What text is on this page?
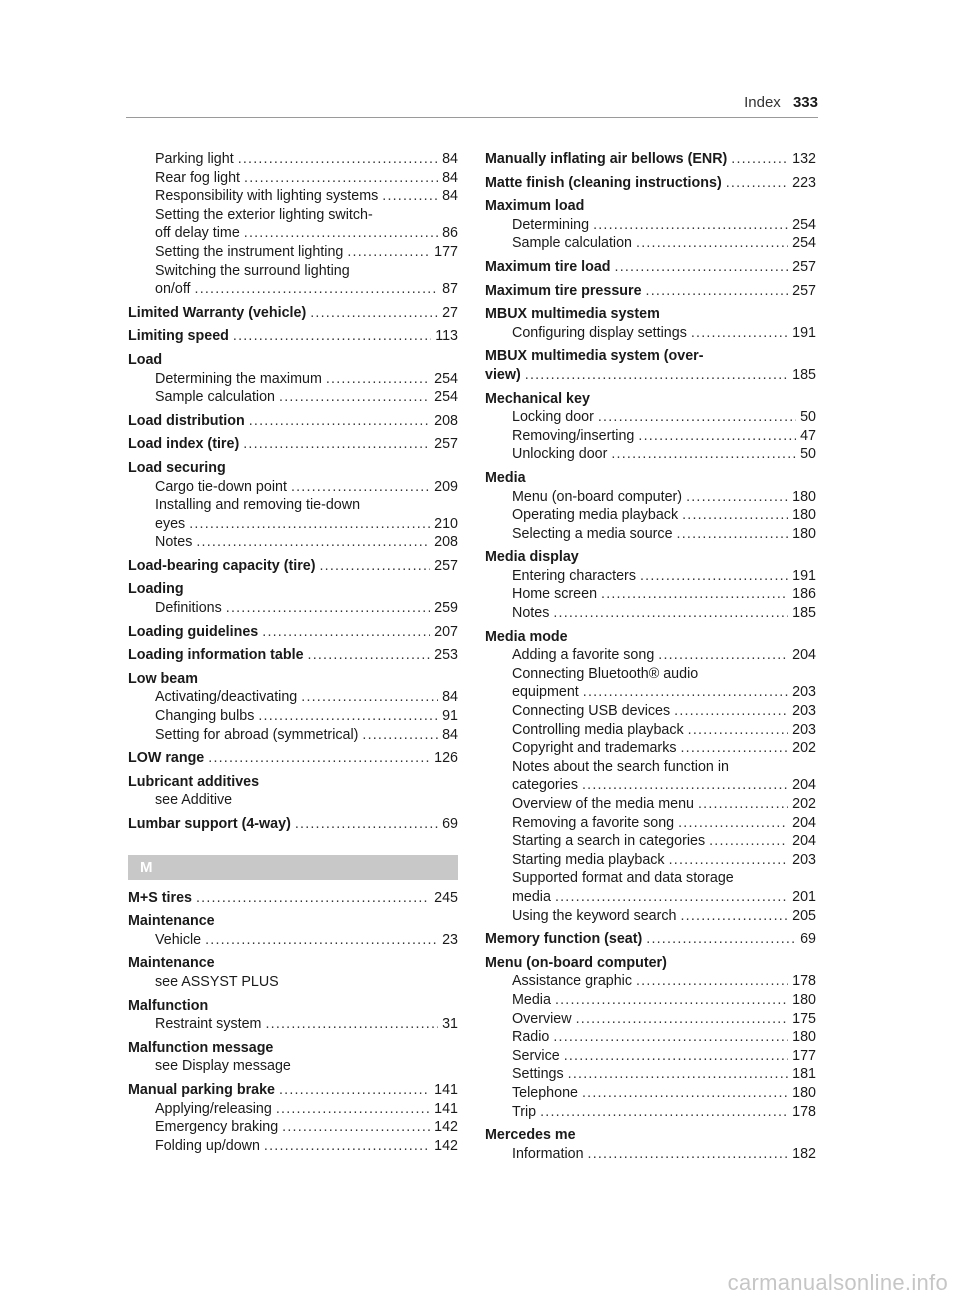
Index 333
Parking light .....	84
Rear fog light .....	84
Responsibility with lighting systems .....	84
Setting the exterior lighting switch-
off delay time .....	86
Setting the instrument lighting .....	177
Switching the surround lighting
on/off .....	87
Limited Warranty (vehicle) .....	27
Limiting speed .....	113
Load
Determining the maximum .....	254
Sample calculation .....	254
Load distribution .....	208
Load index (tire) .....	257
Load securing
Cargo tie-down point .....	209
Installing and removing tie-down
eyes .....	210
Notes .....	208
Load-bearing capacity (tire) .....	257
Loading
Definitions .....	259
Loading guidelines .....	207
Loading information table .....	253
Low beam
Activating/deactivating .....	84
Changing bulbs .....	91
Setting for abroad (symmetrical) .....	84
LOW range .....	126
Lubricant additives
see Additive
Lumbar support (4-way) .....	69
M
M+S tires .....	245
Maintenance
Vehicle .....	23
Maintenance
see ASSYST PLUS
Malfunction
Restraint system .....	31
Malfunction message
see Display message
Manual parking brake .....	141
Applying/releasing .....	141
Emergency braking .....	142
Folding up/down .....	142
Manually inflating air bellows (ENR) .....	132
Matte finish (cleaning instructions) .....	223
Maximum load
Determining .....	254
Sample calculation .....	254
Maximum tire load .....	257
Maximum tire pressure .....	257
MBUX multimedia system
Configuring display settings .....	191
MBUX multimedia system (over-
view) .....	185
Mechanical key
Locking door .....	50
Removing/inserting .....	47
Unlocking door .....	50
Media
Menu (on-board computer) .....	180
Operating media playback .....	180
Selecting a media source .....	180
Media display
Entering characters .....	191
Home screen .....	186
Notes .....	185
Media mode
Adding a favorite song .....	204
Connecting Bluetooth® audio
equipment .....	203
Connecting USB devices .....	203
Controlling media playback .....	203
Copyright and trademarks .....	202
Notes about the search function in
categories .....	204
Overview of the media menu .....	202
Removing a favorite song .....	204
Starting a search in categories .....	204
Starting media playback .....	203
Supported format and data storage
media .....	201
Using the keyword search .....	205
Memory function (seat) .....	69
Menu (on-board computer)
Assistance graphic .....	178
Media .....	180
Overview .....	175
Radio .....	180
Service .....	177
Settings .....	181
Telephone .....	180
Trip .....	178
Mercedes me
Information .....	182
carmanualsonline.info
